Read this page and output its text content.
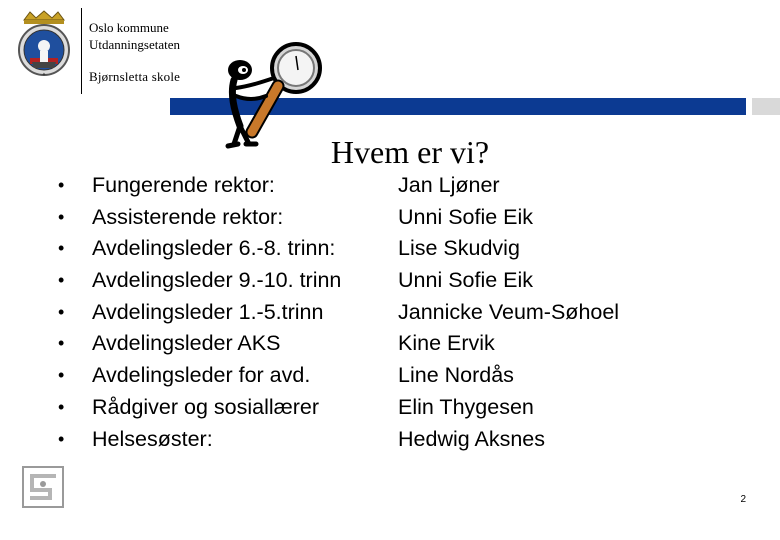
✦
Oslo kommune
Utdanningsetaten
Bjørnsletta skole
Hvem er vi?
• Fungerende rektor:	Jan Ljøner
• Assisterende rektor:	Unni Sofie Eik
• Avdelingsleder 6.-8. trinn:	Lise Skudvig
• Avdelingsleder 9.-10. trinn	Unni Sofie Eik
• Avdelingsleder 1.-5.trinn	Jannicke Veum-Søhoel
• Avdelingsleder AKS	Kine Ervik
• Avdelingsleder for avd.	Line Nordås
• Rådgiver og sosiallærer	Elin Thygesen
• Helsesøster:	Hedwig Aksnes
2
